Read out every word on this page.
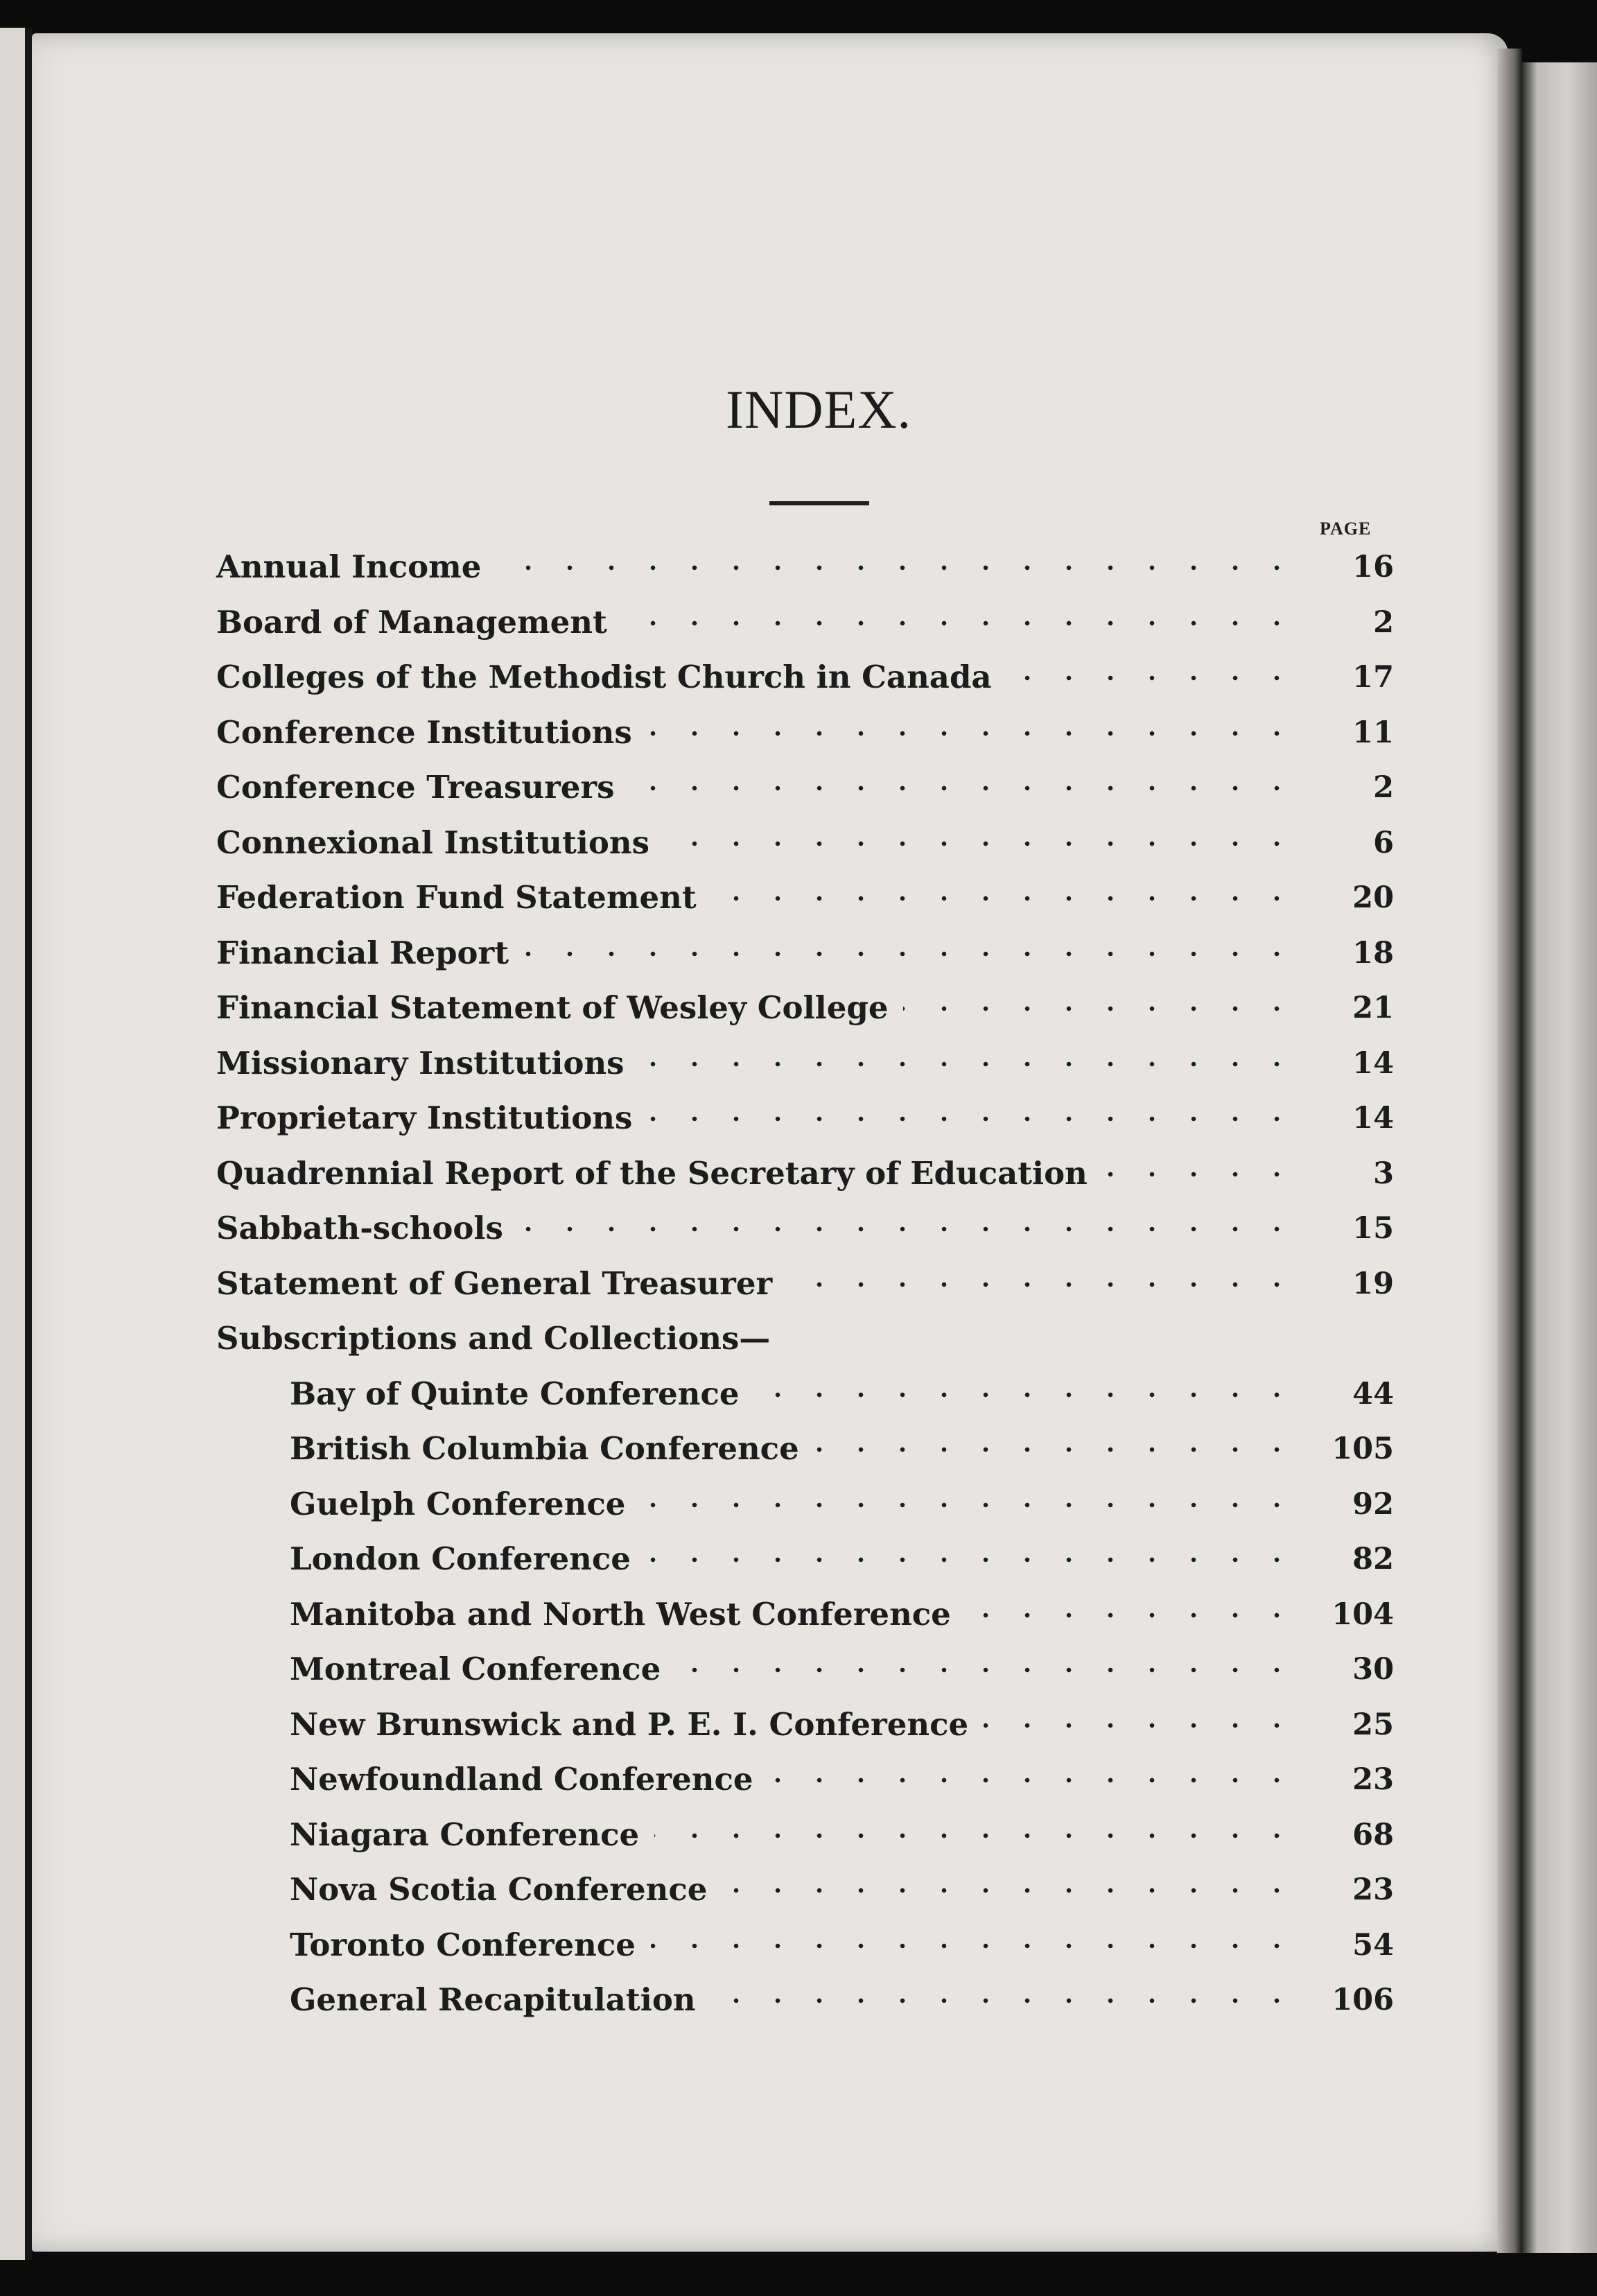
INDEX.
PAGE
Annual Income	16
Board of Management	2
Colleges of the Methodist Church in Canada	17
Conference Institutions	11
Conference Treasurers	2
Connexional Institutions	6
Federation Fund Statement	20
Financial Report	18
Financial Statement of Wesley College	21
Missionary Institutions	14
Proprietary Institutions	14
Quadrennial Report of the Secretary of Education	3
Sabbath-schools	15
Statement of General Treasurer	19
Subscriptions and Collections—
Bay of Quinte Conference	44
British Columbia Conference	105
Guelph Conference	92
London Conference	82
Manitoba and North West Conference	104
Montreal Conference	30
New Brunswick and P. E. I. Conference	25
Newfoundland Conference	23
Niagara Conference	68
Nova Scotia Conference	23
Toronto Conference	54
General Recapitulation	106
